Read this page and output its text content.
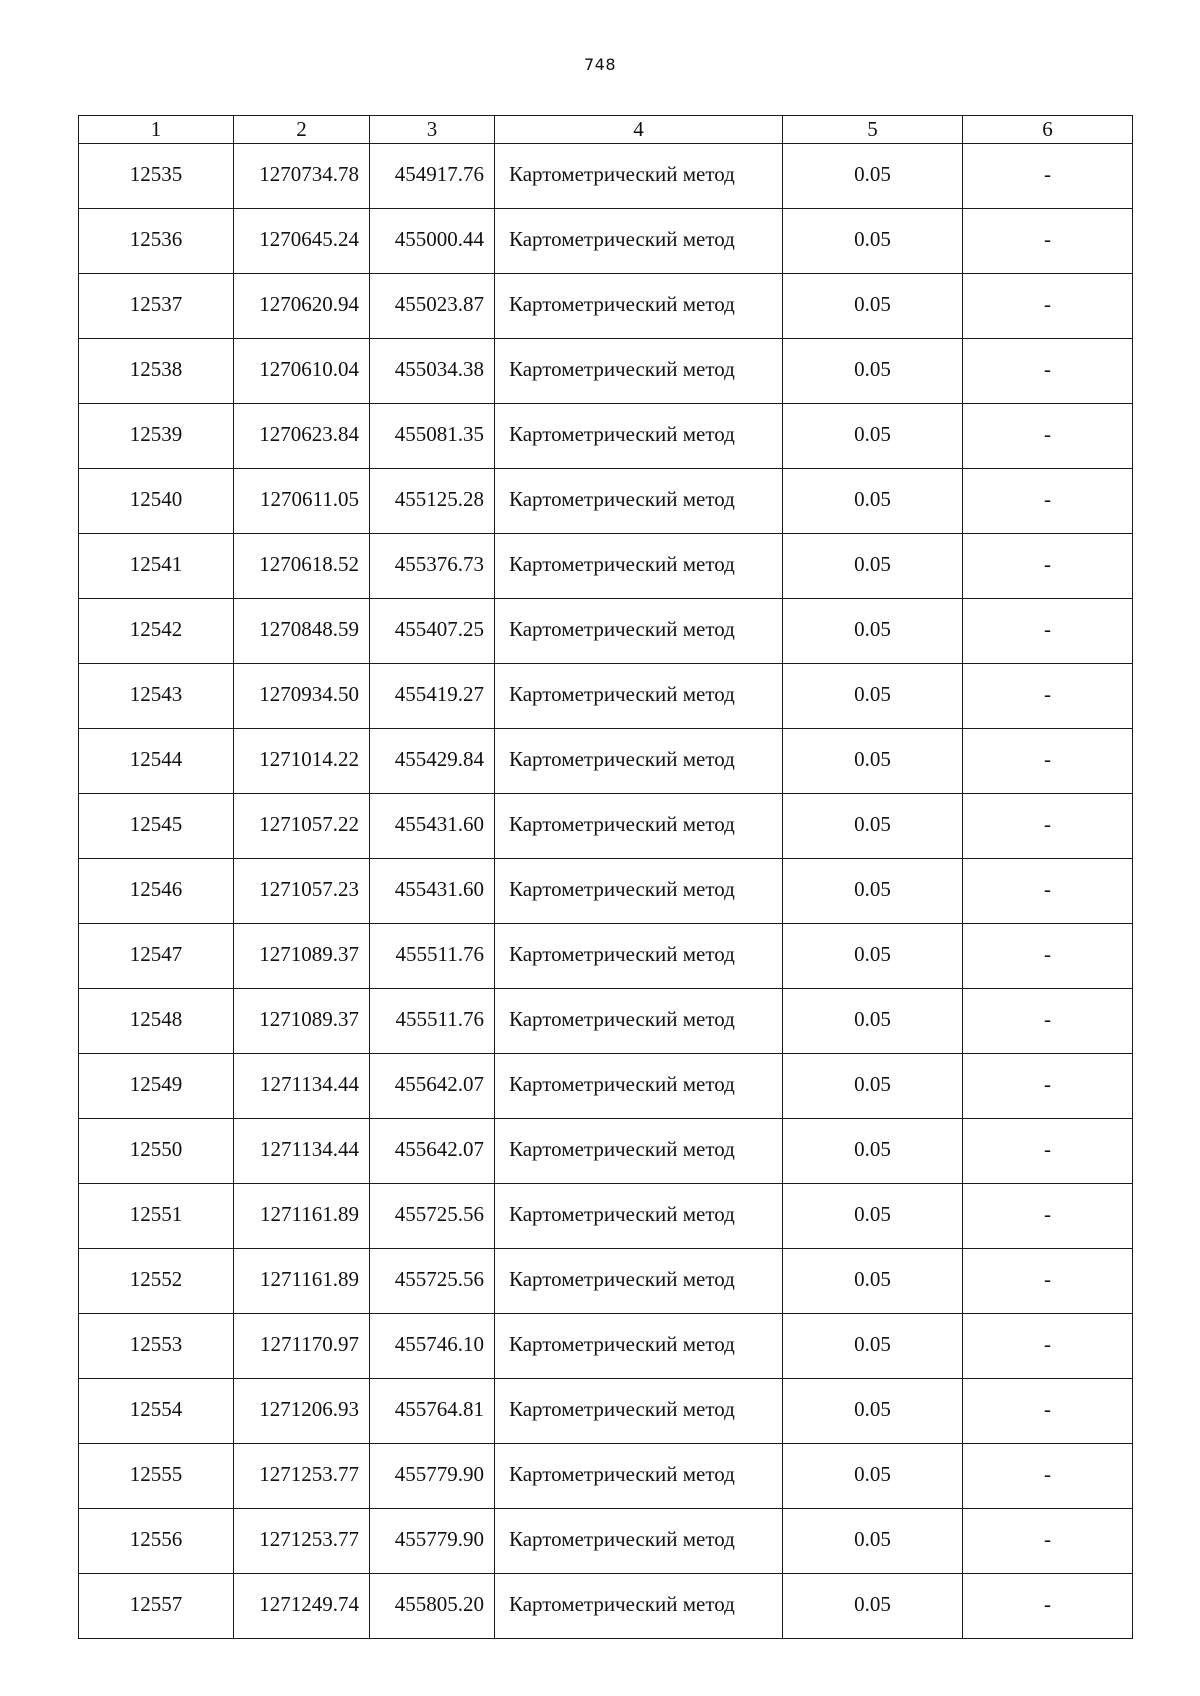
748
1	2	3	4	5	6
12535	1270734.78	454917.76	Картометрический метод	0.05	-
12536	1270645.24	455000.44	Картометрический метод	0.05	-
12537	1270620.94	455023.87	Картометрический метод	0.05	-
12538	1270610.04	455034.38	Картометрический метод	0.05	-
12539	1270623.84	455081.35	Картометрический метод	0.05	-
12540	1270611.05	455125.28	Картометрический метод	0.05	-
12541	1270618.52	455376.73	Картометрический метод	0.05	-
12542	1270848.59	455407.25	Картометрический метод	0.05	-
12543	1270934.50	455419.27	Картометрический метод	0.05	-
12544	1271014.22	455429.84	Картометрический метод	0.05	-
12545	1271057.22	455431.60	Картометрический метод	0.05	-
12546	1271057.23	455431.60	Картометрический метод	0.05	-
12547	1271089.37	455511.76	Картометрический метод	0.05	-
12548	1271089.37	455511.76	Картометрический метод	0.05	-
12549	1271134.44	455642.07	Картометрический метод	0.05	-
12550	1271134.44	455642.07	Картометрический метод	0.05	-
12551	1271161.89	455725.56	Картометрический метод	0.05	-
12552	1271161.89	455725.56	Картометрический метод	0.05	-
12553	1271170.97	455746.10	Картометрический метод	0.05	-
12554	1271206.93	455764.81	Картометрический метод	0.05	-
12555	1271253.77	455779.90	Картометрический метод	0.05	-
12556	1271253.77	455779.90	Картометрический метод	0.05	-
12557	1271249.74	455805.20	Картометрический метод	0.05	-
